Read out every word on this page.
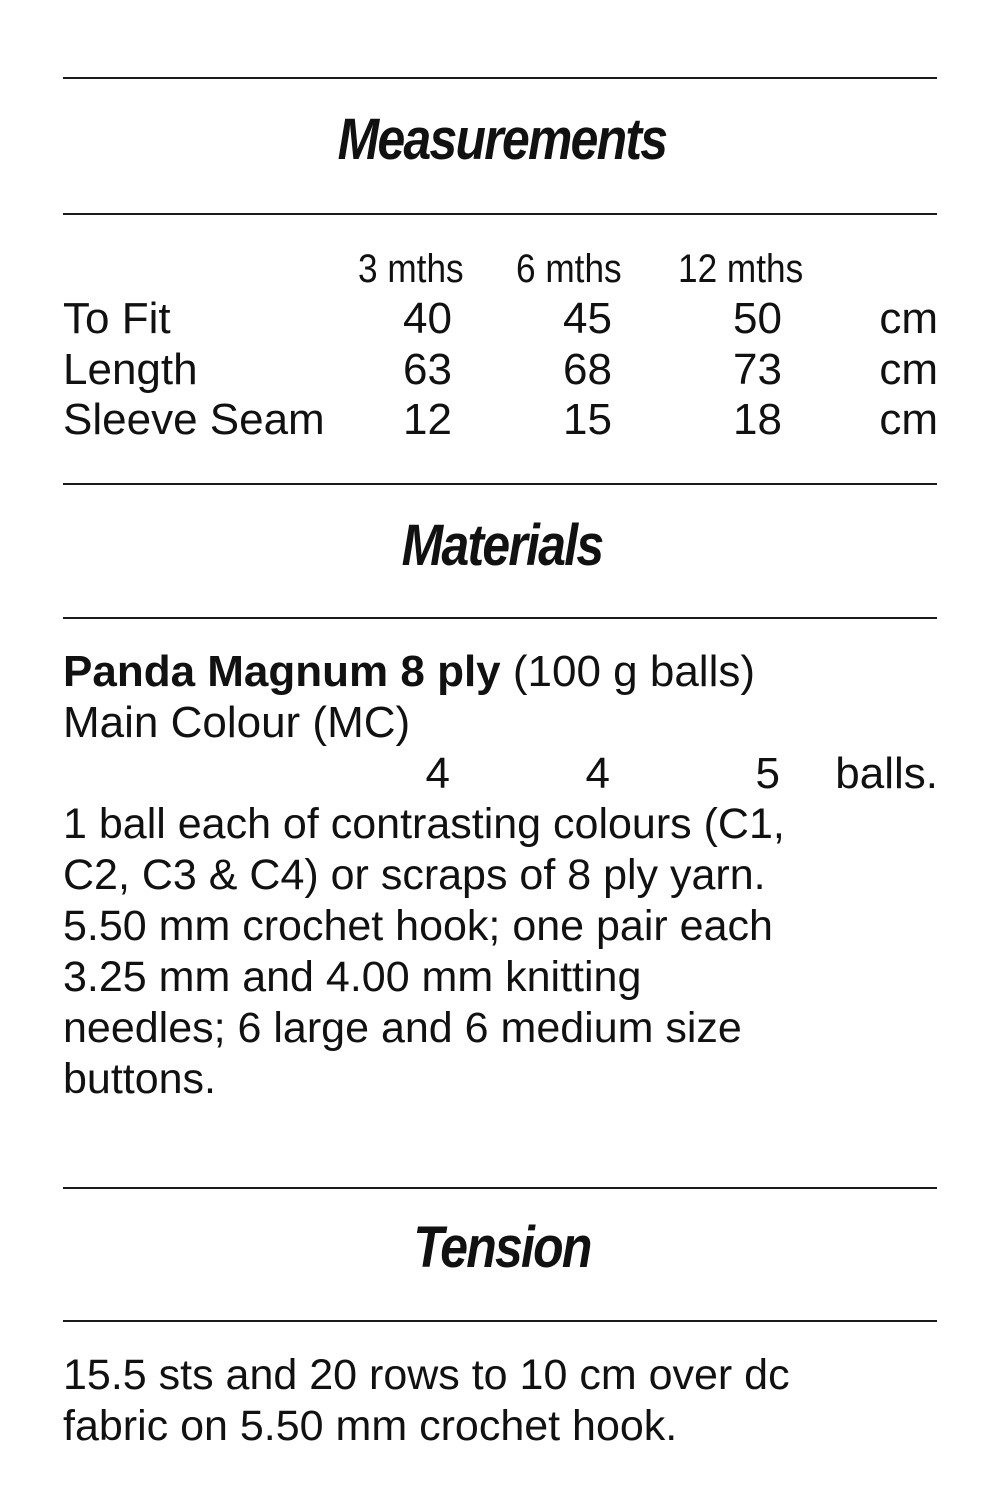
Measurements
3 mths 6 mths 12 mths
To Fit	40	45	50	cm
Length	63	68	73	cm
Sleeve Seam	12	15	18	cm
Materials
Panda Magnum 8 ply (100 g balls)
Main Colour (MC)
4	4	5	balls.
1 ball each of contrasting colours (C1,
C2, C3 & C4) or scraps of 8 ply yarn.
5.50 mm crochet hook; one pair each
3.25 mm and 4.00 mm knitting
needles; 6 large and 6 medium size
buttons.
Tension
15.5 sts and 20 rows to 10 cm over dc
fabric on 5.50 mm crochet hook.
